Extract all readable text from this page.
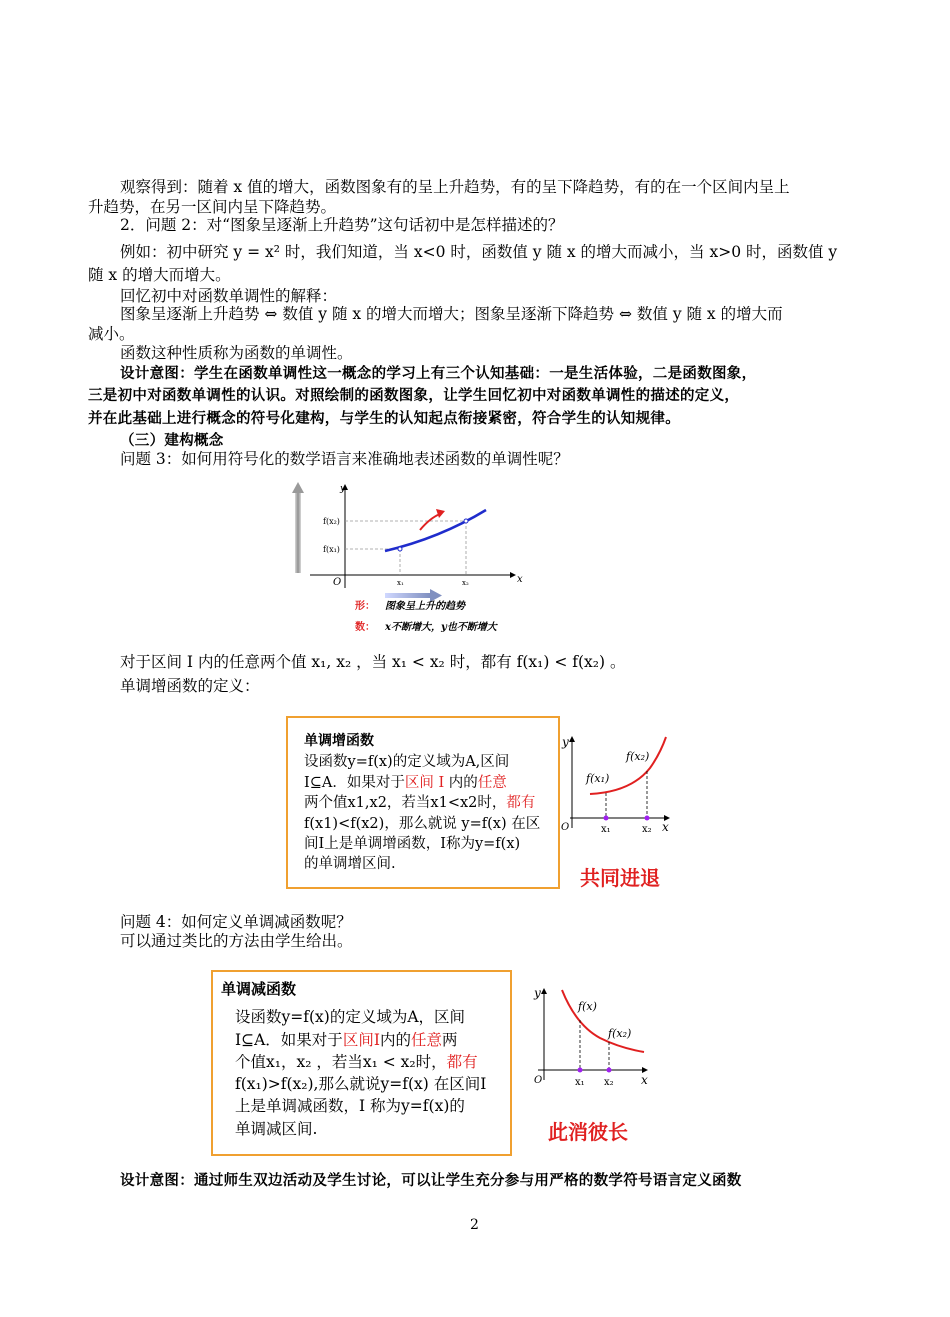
观察得到：随着 x 值的增大，函数图象有的呈上升趋势，有的呈下降趋势，有的在一个区间内呈上
升趋势，在另一区间内呈下降趋势。
2．问题 2：对“图象呈逐渐上升趋势”这句话初中是怎样描述的？
例如：初中研究 y = x² 时，我们知道，当 x<0 时，函数值 y 随 x 的增大而减小，当 x>0 时，函数值 y
随 x 的增大而增大。
回忆初中对函数单调性的解释：
图象呈逐渐上升趋势 ⇔ 数值 y 随 x 的增大而增大；图象呈逐渐下降趋势 ⇔ 数值 y 随 x 的增大而
减小。
函数这种性质称为函数的单调性。
设计意图：学生在函数单调性这一概念的学习上有三个认知基础：一是生活体验，二是函数图象，
三是初中对函数单调性的认识。对照绘制的函数图象，让学生回忆初中对函数单调性的描述的定义，
并在此基础上进行概念的符号化建构，与学生的认知起点衔接紧密，符合学生的认知规律。
（三）建构概念
问题 3：如何用符号化的数学语言来准确地表述函数的单调性呢？
y
x
O
f(x₂)
f(x₁)
x₁	x₂
形： 图象呈上升的趋势
数： x不断增大，y也不断增大
对于区间 I 内的任意两个值 x₁, x₂ ，当 x₁ < x₂ 时，都有 f(x₁) < f(x₂) 。
单调增函数的定义：
单调增函数
设函数y=f(x)的定义域为A,区间
I⊆A．如果对于区间 I 内的任意
两个值x1,x2，若当x1<x2时，都有
f(x1)<f(x2)，那么就说 y=f(x) 在区
间I上是单调增函数，I称为y=f(x)
的单调增区间.
y
x
O
f(x₁)
f(x₂)
x₁	x₂
共同进退
问题 4：如何定义单调减函数呢？
可以通过类比的方法由学生给出。
单调减函数
设函数y=f(x)的定义域为A，区间
I⊆A．如果对于区间I内的任意两
个值x₁，x₂ ，若当x₁ < x₂时，都有
f(x₁)>f(x₂),那么就说y=f(x) 在区间I
上是单调减函数，I 称为y=f(x)的
单调减区间.
y
x
O
f(x)
f(x₂)
x₁ x₂
此消彼长
设计意图：通过师生双边活动及学生讨论，可以让学生充分参与用严格的数学符号语言定义函数
2
